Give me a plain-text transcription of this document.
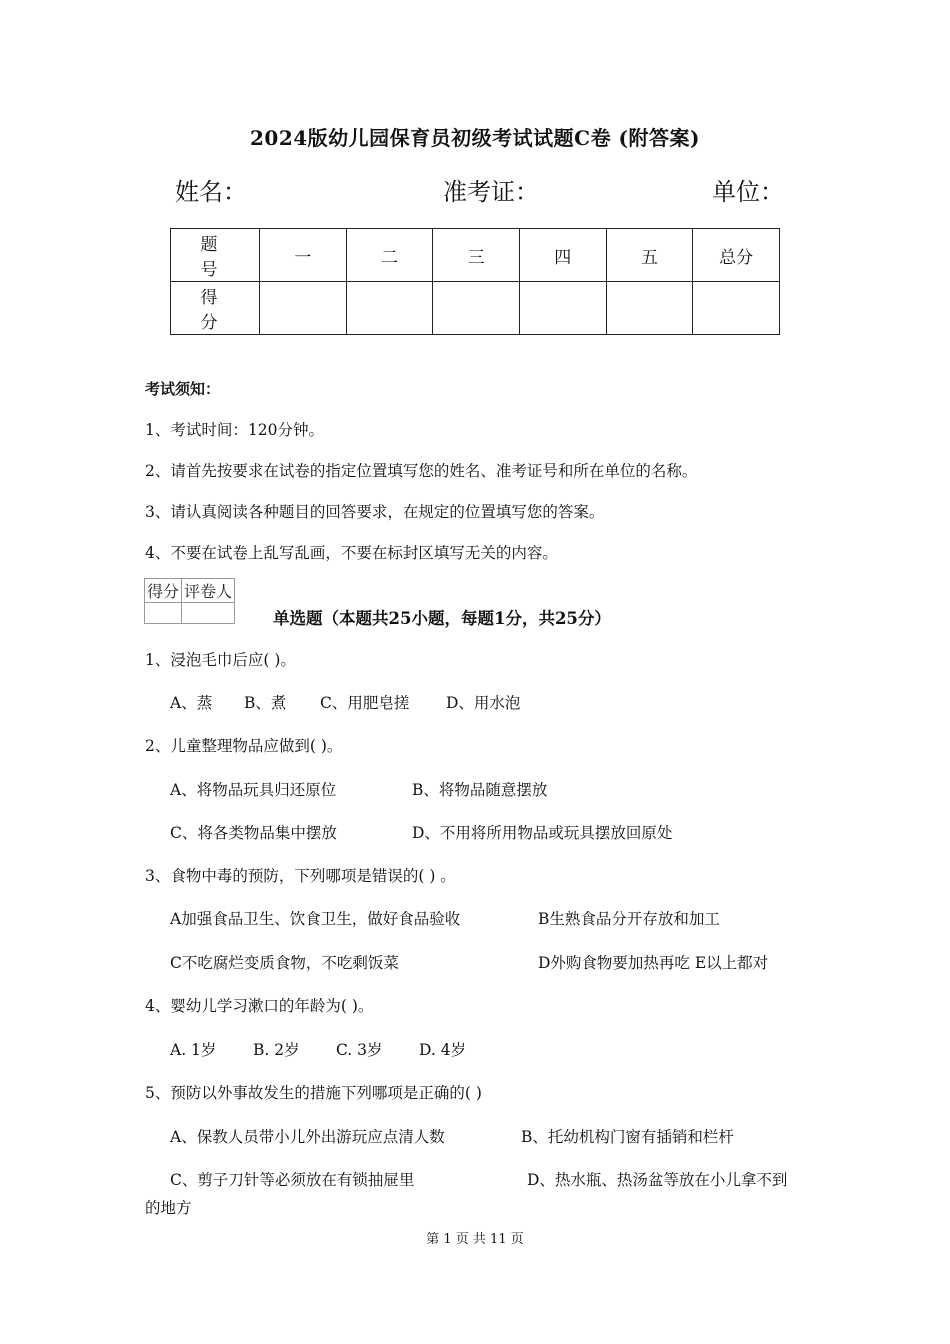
2024版幼儿园保育员初级考试试题C卷 (附答案)
姓名：	准考证：	单位：
题　号	一	二	三	四	五	总分
得　分						
考试须知：
1、考试时间：120分钟。
2、请首先按要求在试卷的指定位置填写您的姓名、准考证号和所在单位的名称。
3、请认真阅读各种题目的回答要求，在规定的位置填写您的答案。
4、不要在试卷上乱写乱画，不要在标封区填写无关的内容。
得分	评卷人

单选题（本题共25小题，每题1分，共25分）
1、浸泡毛巾后应( )。
A、蒸 B、煮 C、用肥皂搓 D、用水泡
2、儿童整理物品应做到( )。
A、将物品玩具归还原位	B、将物品随意摆放
C、将各类物品集中摆放	D、不用将所用物品或玩具摆放回原处
3、食物中毒的预防，下列哪项是错误的( ) 。
A加强食品卫生、饮食卫生，做好食品验收	B生熟食品分开存放和加工
C不吃腐烂变质食物，不吃剩饭菜	D外购食物要加热再吃 E以上都对
4、婴幼儿学习漱口的年龄为( )。
A. 1岁 B. 2岁 C. 3岁 D. 4岁
5、预防以外事故发生的措施下列哪项是正确的( )
A、保教人员带小儿外出游玩应点清人数	B、托幼机构门窗有插销和栏杆
C、剪子刀针等必须放在有锁抽屉里	D、热水瓶、热汤盆等放在小儿拿不到
的地方
第 1 页 共 11 页
